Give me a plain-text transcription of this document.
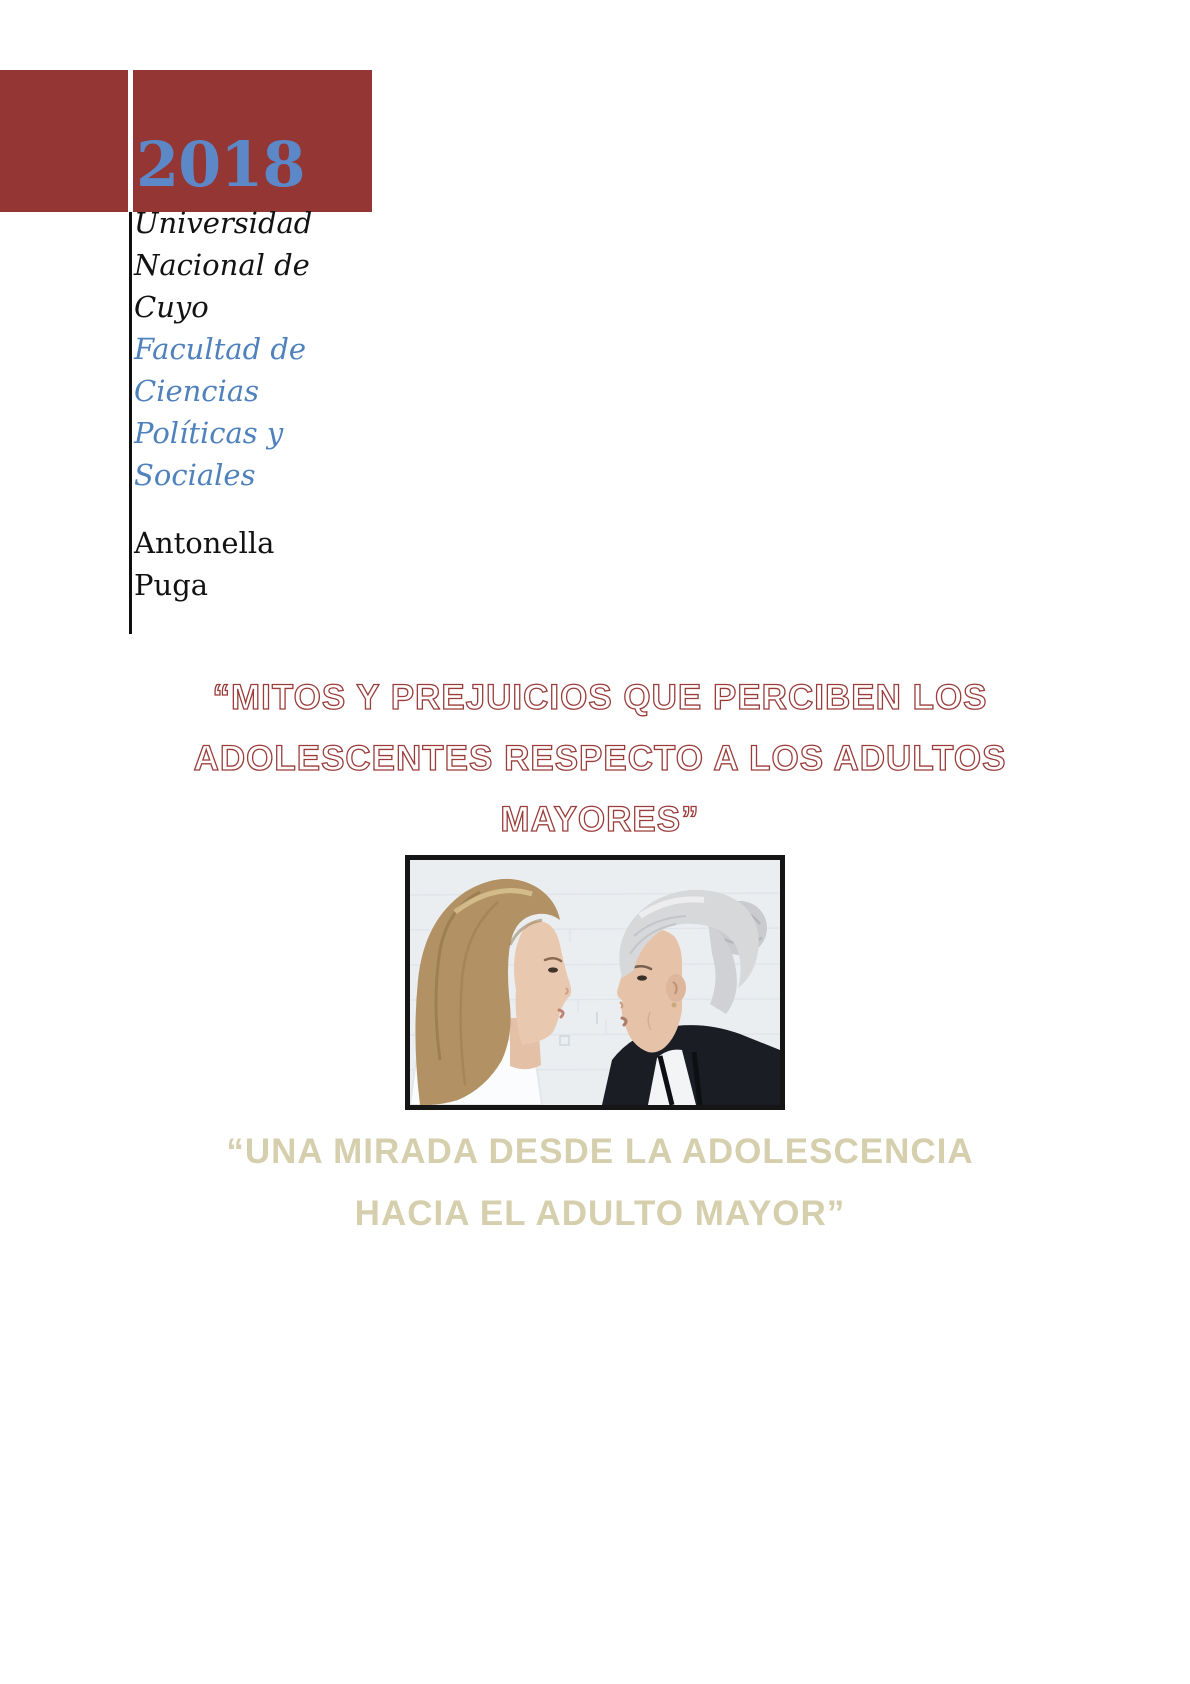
2018
Universidad
Nacional de
Cuyo
Facultad de
Ciencias
Políticas y
Sociales
Antonella
Puga
“MITOS Y PREJUICIOS QUE PERCIBEN LOS
ADOLESCENTES RESPECTO A LOS ADULTOS
MAYORES”
“UNA MIRADA DESDE LA ADOLESCENCIA
HACIA EL ADULTO MAYOR”
